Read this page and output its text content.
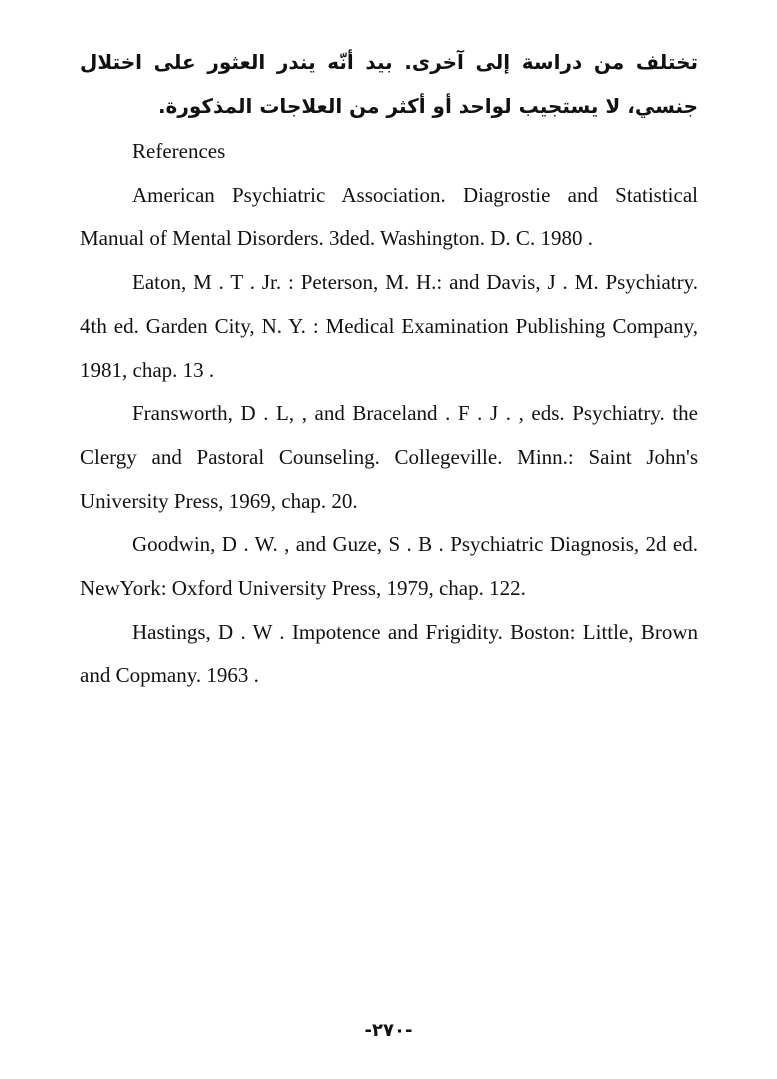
تختلف من دراسة إلى آخرى. بيد أنّه يندر العثور على اختلال جنسي، لا يستجيب لواحد أو أكثر من العلاجات المذكورة.

References

American Psychiatric Association. Diagrostie and Statistical Manual of Mental Disorders. 3ded. Washington. D. C. 1980 .

Eaton, M . T . Jr. : Peterson, M. H.: and Davis, J . M. Psychiatry. 4th ed. Garden City, N. Y. : Medical Examination Publishing Company, 1981, chap. 13 .

Fransworth, D . L, , and Braceland . F . J . , eds. Psychiatry. the Clergy and Pastoral Counseling. Collegeville. Minn.: Saint John's University Press, 1969, chap. 20.

Goodwin, D . W. , and Guze, S . B . Psychiatric Diagnosis, 2d ed. NewYork: Oxford University Press, 1979, chap. 122.

Hastings, D . W . Impotence and Frigidity. Boston: Little, Brown and Copmany. 1963 .

-٢٧٠-
